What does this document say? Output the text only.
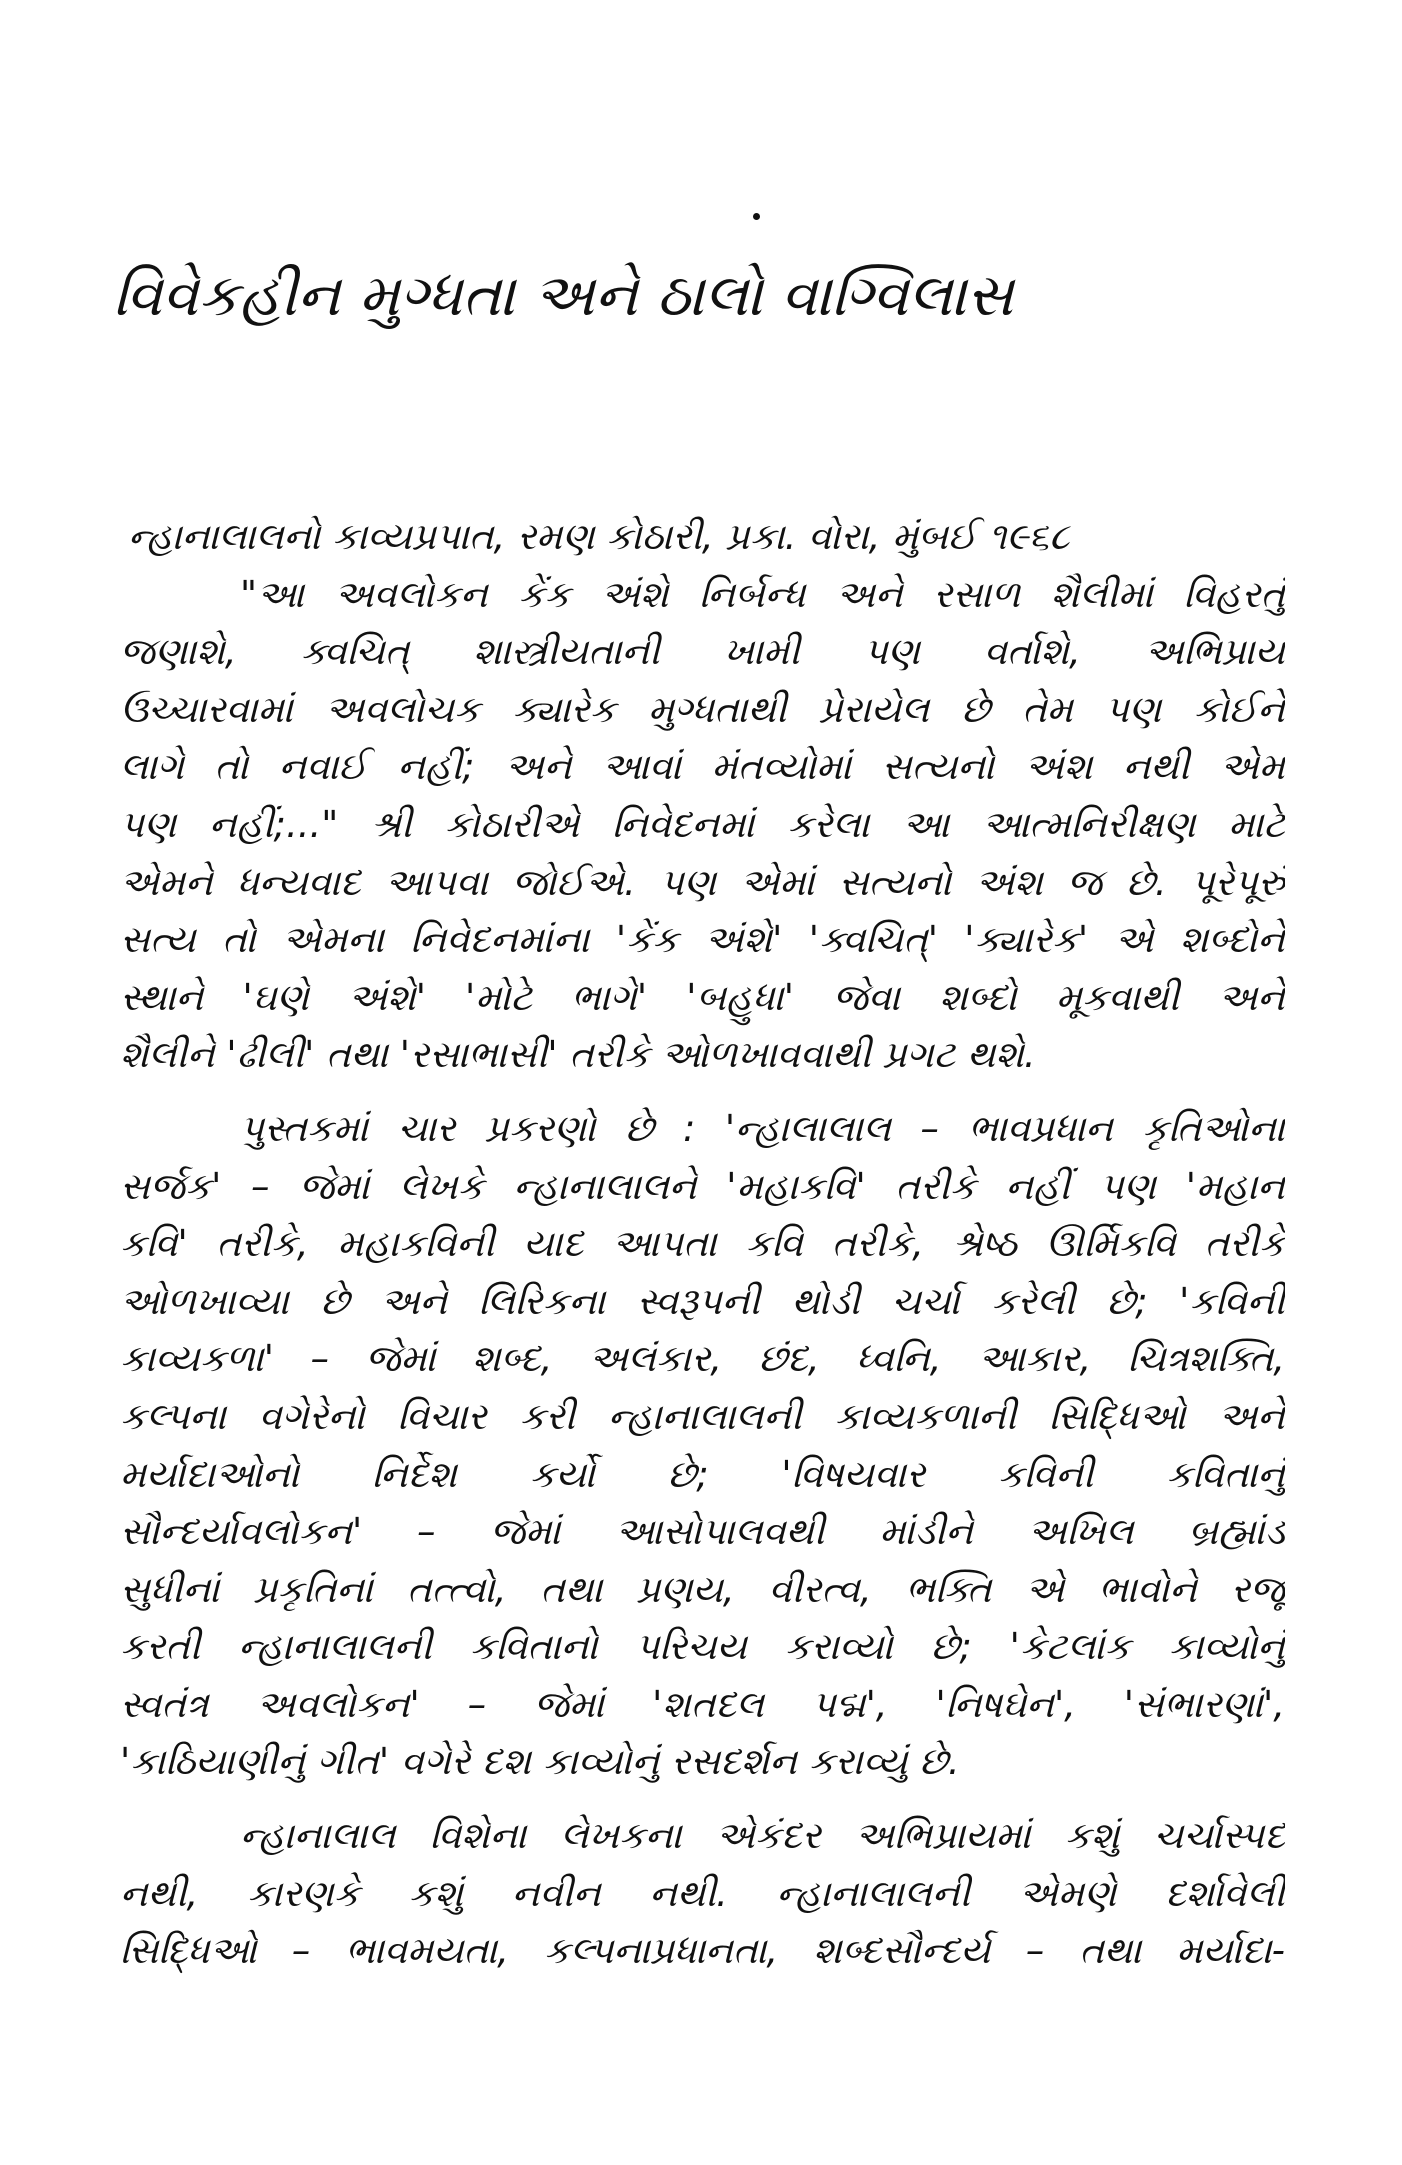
વિવેકહીન મુગ્ધતા અને ઠાલો વાગ્વિલાસ
ન્હાનાલાલનો કાવ્યપ્રપાત, રમણ કોઠારી, પ્રકા. વોરા, મુંબઈ ૧૯૬૮
"આ અવલોકન કેંક અંશે નિર્બન્ધ અને રસાળ શૈલીમાં વિહરતું
જણાશે, ક્વચિત્ શાસ્ત્રીયતાની ખામી પણ વર્તાશે, અભિપ્રાય
ઉચ્ચારવામાં અવલોચક ક્યારેક મુગ્ધતાથી પ્રેરાયેલ છે તેમ પણ કોઈને
લાગે તો નવાઈ નહીં; અને આવાં મંતવ્યોમાં સત્યનો અંશ નથી એમ
પણ નહીં;..." શ્રી કોઠારીએ નિવેદનમાં કરેલા આ આત્મનિરીક્ષણ માટે
એમને ધન્યવાદ આપવા જોઈએ. પણ એમાં સત્યનો અંશ જ છે. પૂરેપૂરું
સત્ય તો એમના નિવેદનમાંના 'કેંક અંશે' 'ક્વચિત્' 'ક્યારેક' એ શબ્દોને
સ્થાને 'ઘણે અંશે' 'મોટે ભાગે' 'બહુધા' જેવા શબ્દો મૂકવાથી અને
શૈલીને 'ઢીલી' તથા 'રસાભાસી' તરીકે ઓળખાવવાથી પ્રગટ થશે.
પુસ્તકમાં ચાર પ્રકરણો છે : 'ન્હાલાલાલ – ભાવપ્રધાન કૃતિઓના
સર્જક' – જેમાં લેખકે ન્હાનાલાલને 'મહાકવિ' તરીકે નહીં પણ 'મહાન
કવિ' તરીકે, મહાકવિની યાદ આપતા કવિ તરીકે, શ્રેષ્ઠ ઊર્મિકવિ તરીકે
ઓળખાવ્યા છે અને લિરિકના સ્વરૂપની થોડી ચર્ચા કરેલી છે; 'કવિની
કાવ્યકળા' – જેમાં શબ્દ, અલંકાર, છંદ, ધ્વનિ, આકાર, ચિત્રશક્તિ,
કલ્પના વગેરેનો વિચાર કરી ન્હાનાલાલની કાવ્યકળાની સિદ્ધિઓ અને
મર્યાદાઓનો નિર્દેશ કર્યો છે; 'વિષયવાર કવિની કવિતાનું
સૌન્દર્યાવલોકન' – જેમાં આસોપાલવથી માંડીને અખિલ બ્રહ્માંડ
સુધીનાં પ્રકૃતિનાં તત્ત્વો, તથા પ્રણય, વીરત્વ, ભક્તિ એ ભાવોને રજૂ
કરતી ન્હાનાલાલની કવિતાનો પરિચય કરાવ્યો છે; 'કેટલાંક કાવ્યોનું
સ્વતંત્ર અવલોકન' – જેમાં 'શતદલ પદ્મ', 'નિષઘેન', 'સંભારણાં',
'કાઠિયાણીનું ગીત' વગેરે દશ કાવ્યોનું રસદર્શન કરાવ્યું છે.
ન્હાનાલાલ વિશેના લેખકના એકંદર અભિપ્રાયમાં કશું ચર્ચાસ્પદ
નથી, કારણકે કશું નવીન નથી. ન્હાનાલાલની એમણે દર્શાવેલી
સિદ્ધિઓ – ભાવમયતા, કલ્પનાપ્રધાનતા, શબ્દસૌન્દર્ય – તથા મર્યાદા-
